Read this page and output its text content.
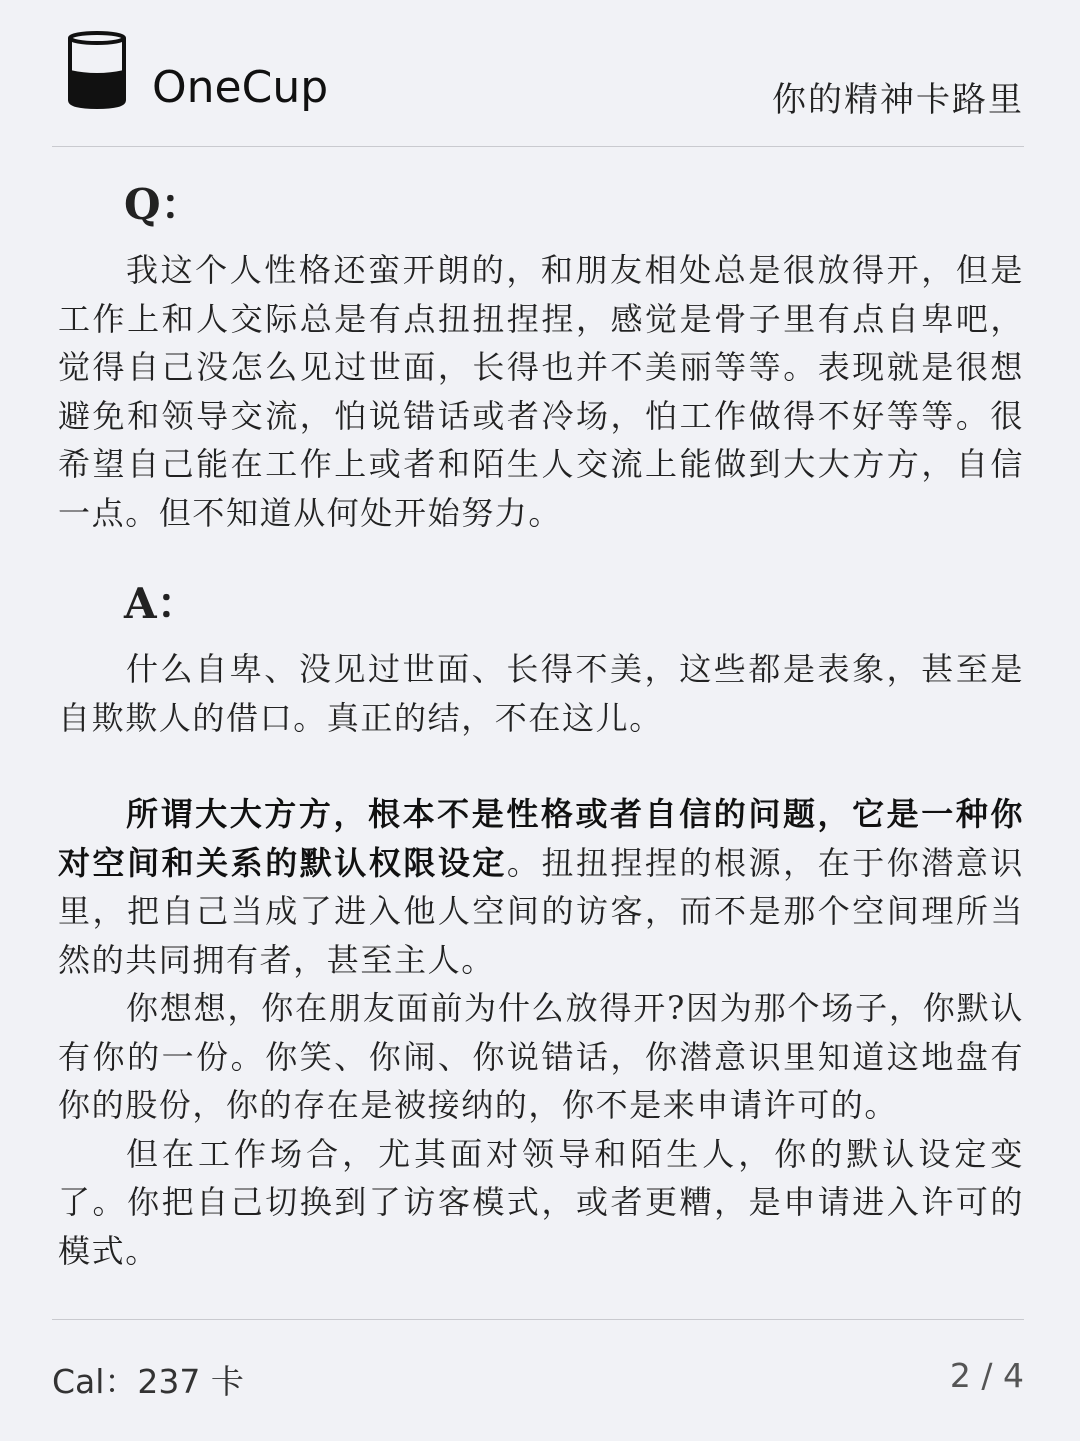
OneCup	你的精神卡路里
Q：

我这个人性格还蛮开朗的，和朋友相处总是很放得开，但是工作上和人交际总是有点扭扭捏捏，感觉是骨子里有点自卑吧，觉得自己没怎么见过世面，长得也并不美丽等等。表现就是很想避免和领导交流，怕说错话或者冷场，怕工作做得不好等等。很希望自己能在工作上或者和陌生人交流上能做到大大方方，自信一点。但不知道从何处开始努力。

A：

什么自卑、没见过世面、长得不美，这些都是表象，甚至是自欺欺人的借口。真正的结，不在这儿。

所谓大大方方，根本不是性格或者自信的问题，它是一种你对空间和关系的默认权限设定。扭扭捏捏的根源，在于你潜意识里，把自己当成了进入他人空间的访客，而不是那个空间理所当然的共同拥有者，甚至主人。

你想想，你在朋友面前为什么放得开?因为那个场子，你默认有你的一份。你笑、你闹、你说错话，你潜意识里知道这地盘有你的股份，你的存在是被接纳的，你不是来申请许可的。

但在工作场合，尤其面对领导和陌生人，你的默认设定变了。你把自己切换到了访客模式，或者更糟，是申请进入许可的模式。

Cal：237 卡	2 / 4
